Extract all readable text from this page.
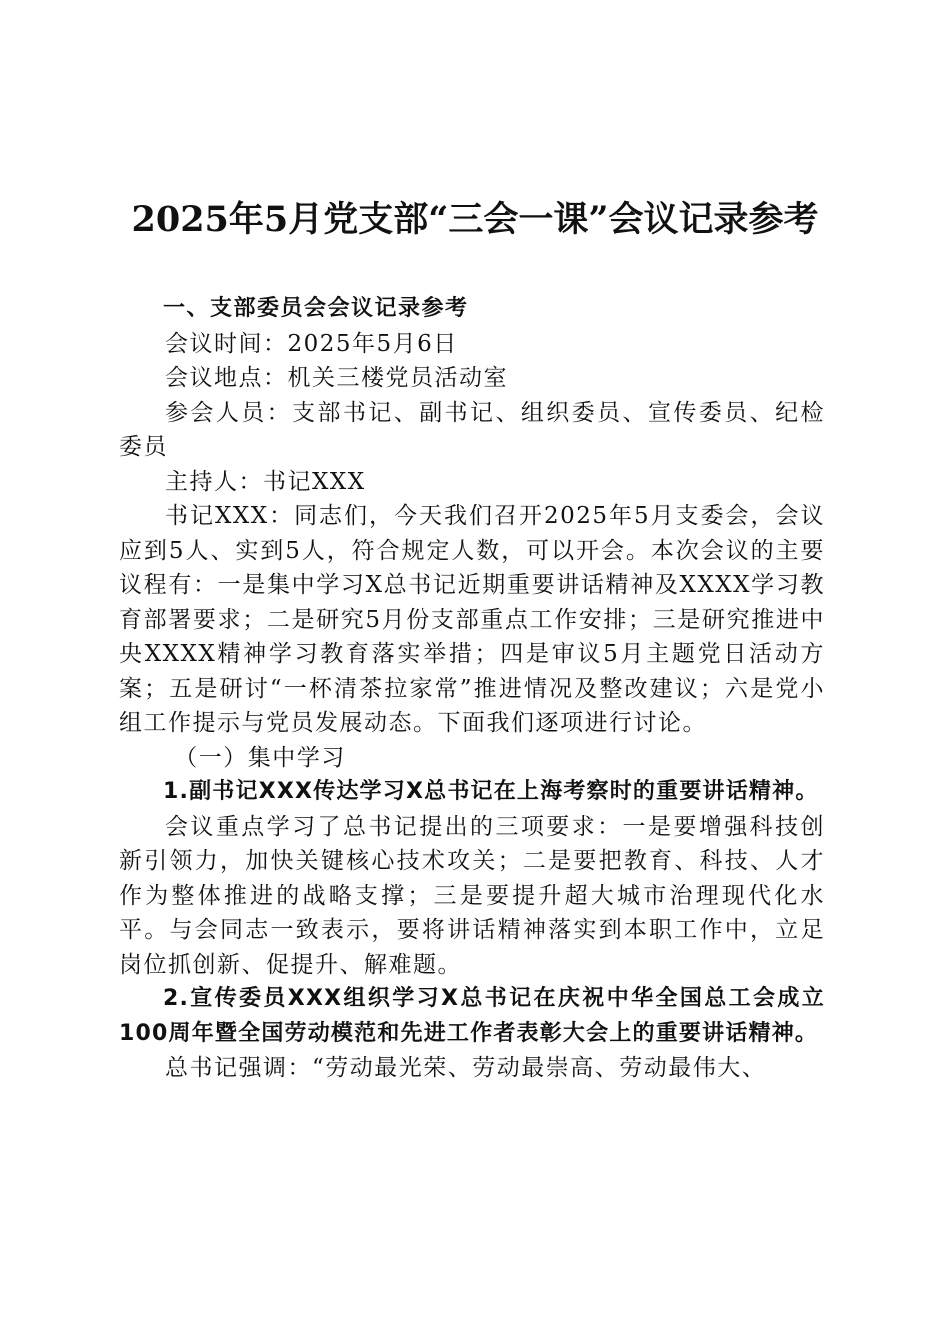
2025年5月党支部“三会一课”会议记录参考

一、支部委员会会议记录参考

会议时间：2025年5月6日

会议地点：机关三楼党员活动室

参会人员：支部书记、副书记、组织委员、宣传委员、纪检委员

主持人：书记XXX

书记XXX：同志们，今天我们召开2025年5月支委会，会议应到5人、实到5人，符合规定人数，可以开会。本次会议的主要议程有：一是集中学习X总书记近期重要讲话精神及XXXX学习教育部署要求；二是研究5月份支部重点工作安排；三是研究推进中央XXXX精神学习教育落实举措；四是审议5月主题党日活动方案；五是研讨“一杯清茶拉家常”推进情况及整改建议；六是党小组工作提示与党员发展动态。下面我们逐项进行讨论。

（一）集中学习

1.副书记XXX传达学习X总书记在上海考察时的重要讲话精神。

会议重点学习了总书记提出的三项要求：一是要增强科技创新引领力，加快关键核心技术攻关；二是要把教育、科技、人才作为整体推进的战略支撑；三是要提升超大城市治理现代化水平。与会同志一致表示，要将讲话精神落实到本职工作中，立足岗位抓创新、促提升、解难题。

2.宣传委员XXX组织学习X总书记在庆祝中华全国总工会成立100周年暨全国劳动模范和先进工作者表彰大会上的重要讲话精神。

总书记强调：“劳动最光荣、劳动最崇高、劳动最伟大、
